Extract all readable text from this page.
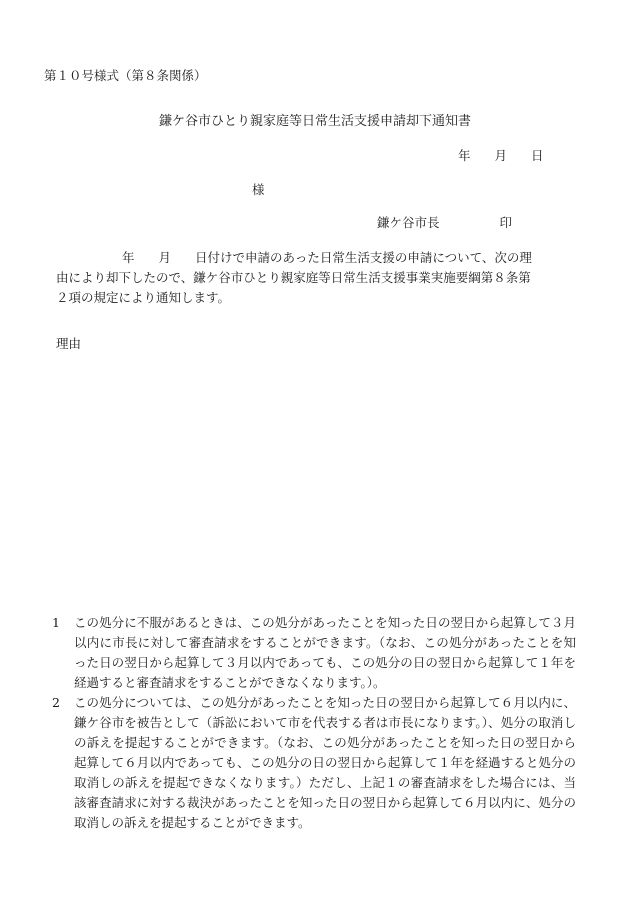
第１０号様式（第８条関係）
鎌ケ谷市ひとり親家庭等日常生活支援申請却下通知書
年 月 日
様
鎌ケ谷市長	印
年 月 日付けで申請のあった日常生活支援の申請について、次の理
由により却下したので、鎌ケ谷市ひとり親家庭等日常生活支援事業実施要綱第８条第
２項の規定により通知します。
理由
1	この処分に不服があるときは、この処分があったことを知った日の翌日から起算して３月以内に市長に対して審査請求をすることができます。（なお、この処分があったことを知った日の翌日から起算して３月以内であっても、この処分の日の翌日から起算して１年を経過すると審査請求をすることができなくなります。）。
2	この処分については、この処分があったことを知った日の翌日から起算して６月以内に、鎌ケ谷市を被告として（訴訟において市を代表する者は市長になります。）、処分の取消しの訴えを提起することができます。（なお、この処分があったことを知った日の翌日から起算して６月以内であっても、この処分の日の翌日から起算して１年を経過すると処分の取消しの訴えを提起できなくなります。）ただし、上記１の審査請求をした場合には、当該審査請求に対する裁決があったことを知った日の翌日から起算して６月以内に、処分の取消しの訴えを提起することができます。
